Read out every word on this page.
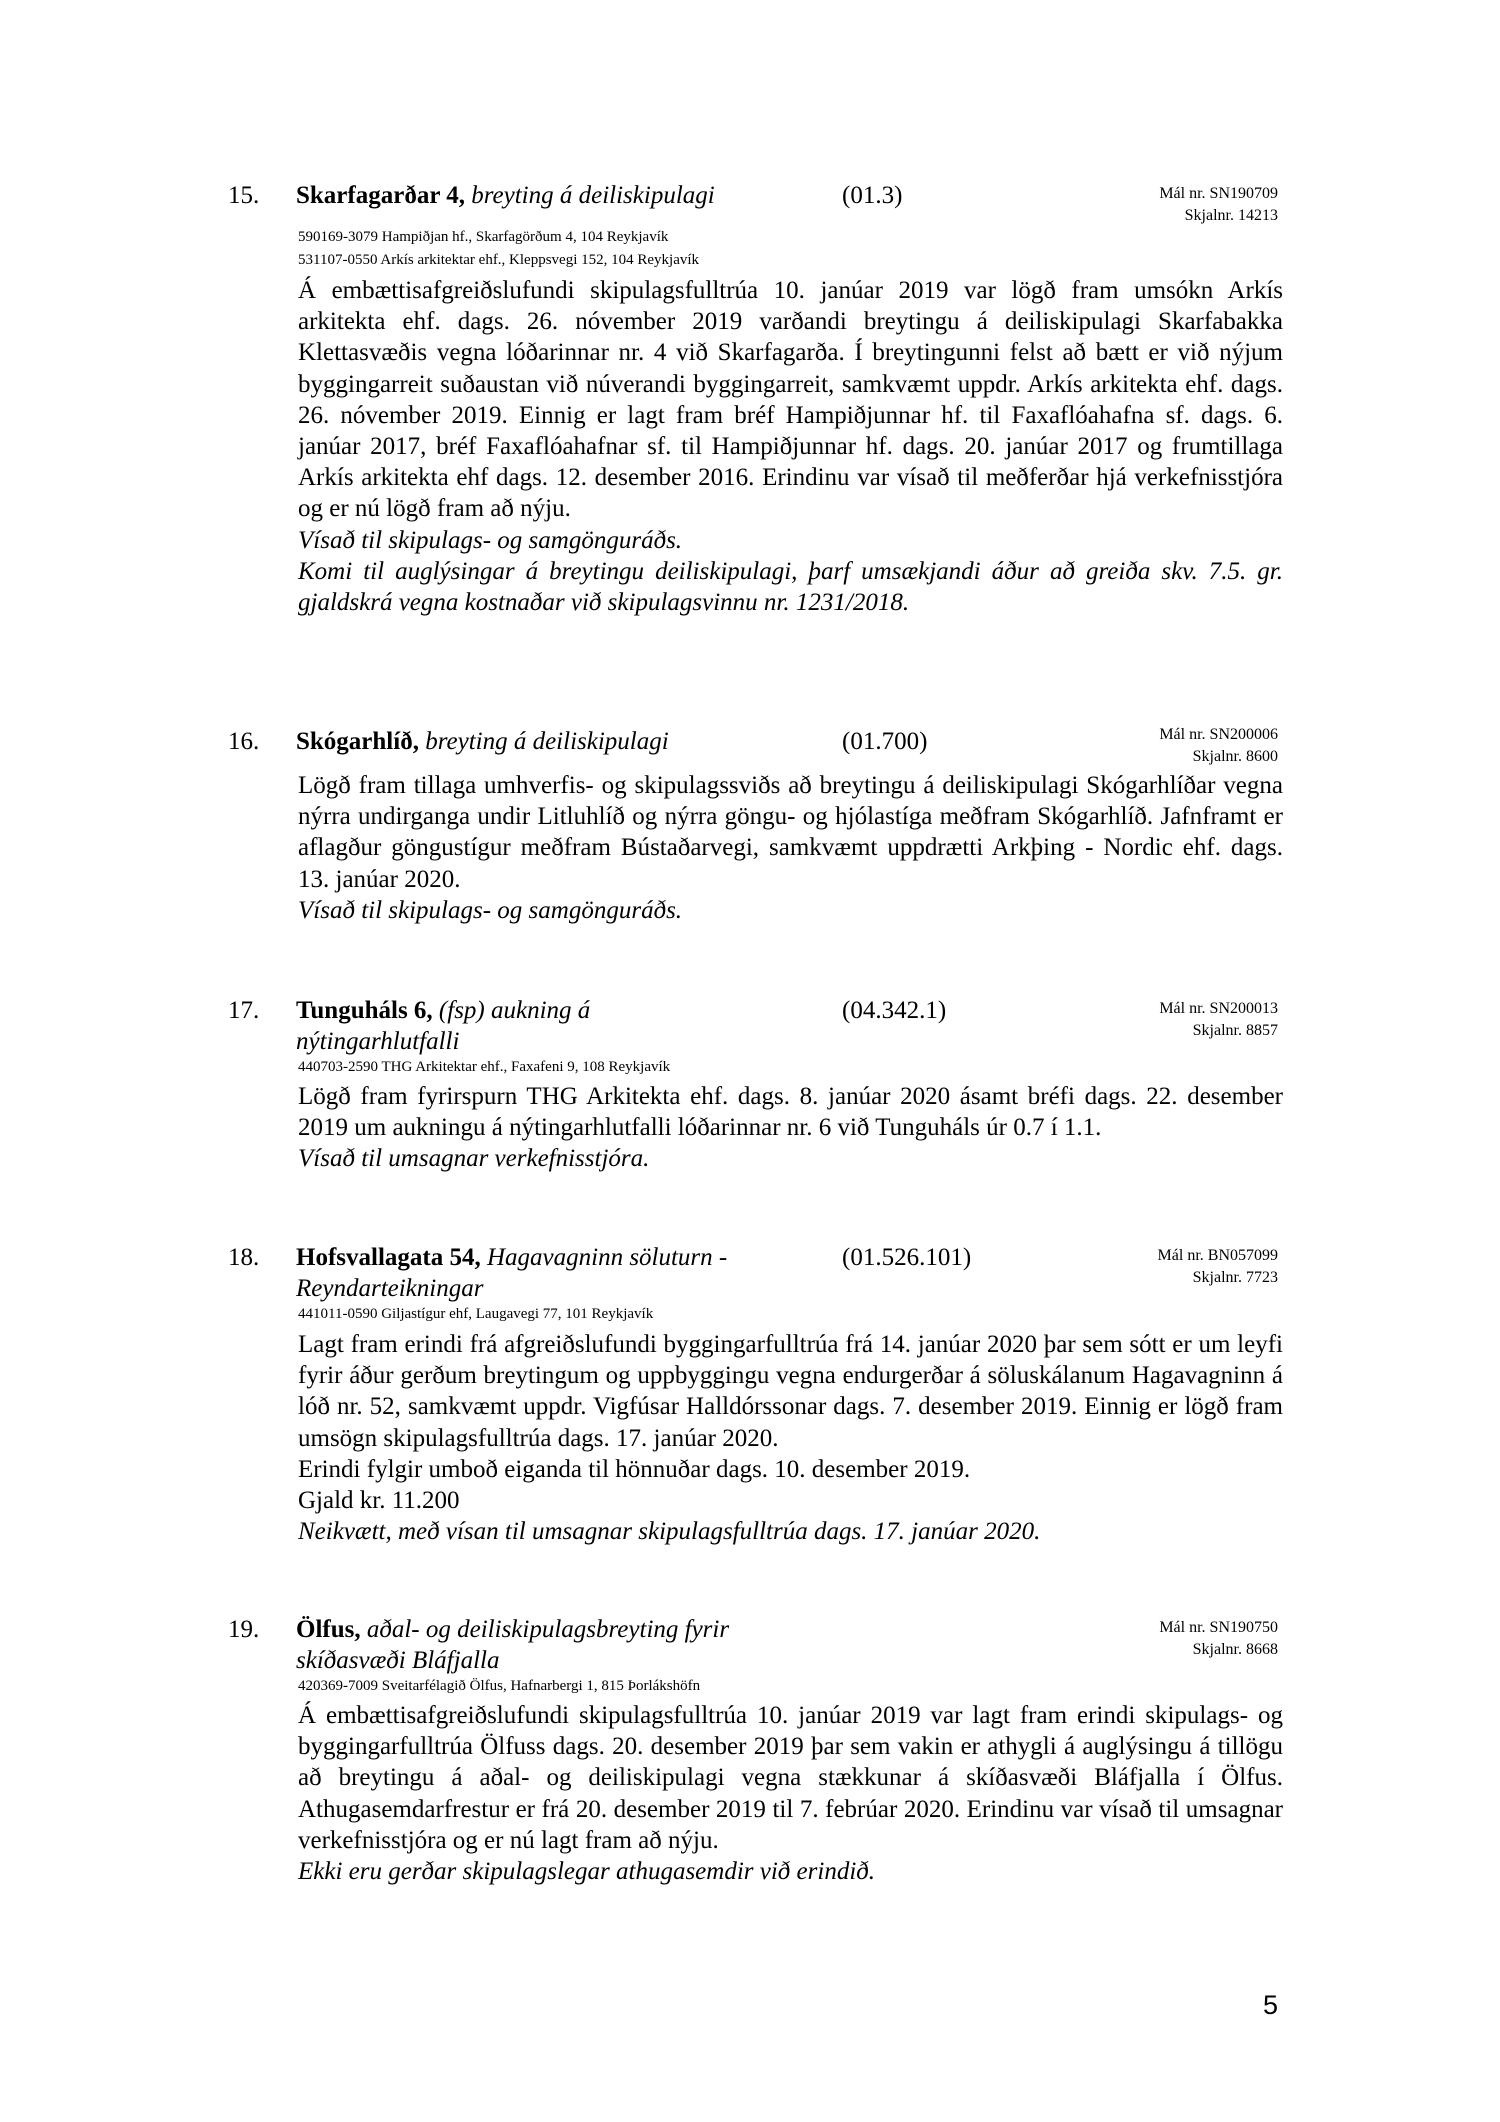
15. Skarfagarðar 4, breyting á deiliskipulagi	(01.3)	Mál nr. SN190709
Skjalnr. 14213
590169-3079 Hampiðjan hf., Skarfagörðum 4, 104 Reykjavík
531107-0550 Arkís arkitektar ehf., Kleppsvegi 152, 104 Reykjavík
Á embættisafgreiðslufundi skipulagsfulltrúa 10. janúar 2019 var lögð fram umsókn Arkís arkitekta ehf. dags. 26. nóvember 2019 varðandi breytingu á deiliskipulagi Skarfabakka Klettasvæðis vegna lóðarinnar nr. 4 við Skarfagarða. Í breytingunni felst að bætt er við nýjum byggingarreit suðaustan við núverandi byggingarreit, samkvæmt uppdr. Arkís arkitekta ehf. dags. 26. nóvember 2019. Einnig er lagt fram bréf Hampiðjunnar hf. til Faxaflóahafna sf. dags. 6. janúar 2017, bréf Faxaflóahafnar sf. til Hampiðjunnar hf. dags. 20. janúar 2017 og frumtillaga Arkís arkitekta ehf dags. 12. desember 2016. Erindinu var vísað til meðferðar hjá verkefnisstjóra og er nú lögð fram að nýju.
Vísað til skipulags- og samgönguráðs.
Komi til auglýsingar á breytingu deiliskipulagi, þarf umsækjandi áður að greiða skv. 7.5. gr. gjaldskrá vegna kostnaðar við skipulagsvinnu nr. 1231/2018.
16. Skógarhlíð, breyting á deiliskipulagi	(01.700)	Mál nr. SN200006
Skjalnr. 8600
Lögð fram tillaga umhverfis- og skipulagssviðs að breytingu á deiliskipulagi Skógarhlíðar vegna nýrra undirganga undir Litluhlíð og nýrra göngu- og hjólastíga meðfram Skógarhlíð. Jafnframt er aflagður göngustígur meðfram Bústaðarvegi, samkvæmt uppdrætti Arkþing - Nordic ehf. dags. 13. janúar 2020.
Vísað til skipulags- og samgönguráðs.
17. Tunguháls 6, (fsp) aukning á nýtingarhlutfalli
(04.342.1)	Mál nr. SN200013
Skjalnr. 8857
440703-2590 THG Arkitektar ehf., Faxafeni 9, 108 Reykjavík
Lögð fram fyrirspurn THG Arkitekta ehf. dags. 8. janúar 2020 ásamt bréfi dags. 22. desember 2019 um aukningu á nýtingarhlutfalli lóðarinnar nr. 6 við Tunguháls úr 0.7 í 1.1.
Vísað til umsagnar verkefnisstjóra.
18. Hofsvallagata 54, Hagavagninn söluturn - Reyndarteikningar
(01.526.101)	Mál nr. BN057099
Skjalnr. 7723
441011-0590 Giljastígur ehf, Laugavegi 77, 101 Reykjavík
Lagt fram erindi frá afgreiðslufundi byggingarfulltrúa frá 14. janúar 2020 þar sem sótt er um leyfi fyrir áður gerðum breytingum og uppbyggingu vegna endurgerðar á söluskálanum Hagavagninn á lóð nr. 52, samkvæmt uppdr. Vigfúsar Halldórssonar dags. 7. desember 2019. Einnig er lögð fram umsögn skipulagsfulltrúa dags. 17. janúar 2020.
Erindi fylgir umboð eiganda til hönnuðar dags. 10. desember 2019.
Gjald kr. 11.200
Neikvætt, með vísan til umsagnar skipulagsfulltrúa dags. 17. janúar 2020.
19. Ölfus, aðal- og deiliskipulagsbreyting fyrir skíðasvæði Bláfjalla
Mál nr. SN190750
Skjalnr. 8668
420369-7009 Sveitarfélagið Ölfus, Hafnarbergi 1, 815 Þorlákshöfn
Á embættisafgreiðslufundi skipulagsfulltrúa 10. janúar 2019 var lagt fram erindi skipulags- og byggingarfulltrúa Ölfuss dags. 20. desember 2019 þar sem vakin er athygli á auglýsingu á tillögu að breytingu á aðal- og deiliskipulagi vegna stækkunar á skíðasvæði Bláfjalla í Ölfus. Athugasemdarfrestur er frá 20. desember 2019 til 7. febrúar 2020. Erindinu var vísað til umsagnar verkefnisstjóra og er nú lagt fram að nýju.
Ekki eru gerðar skipulagslegar athugasemdir við erindið.
5
